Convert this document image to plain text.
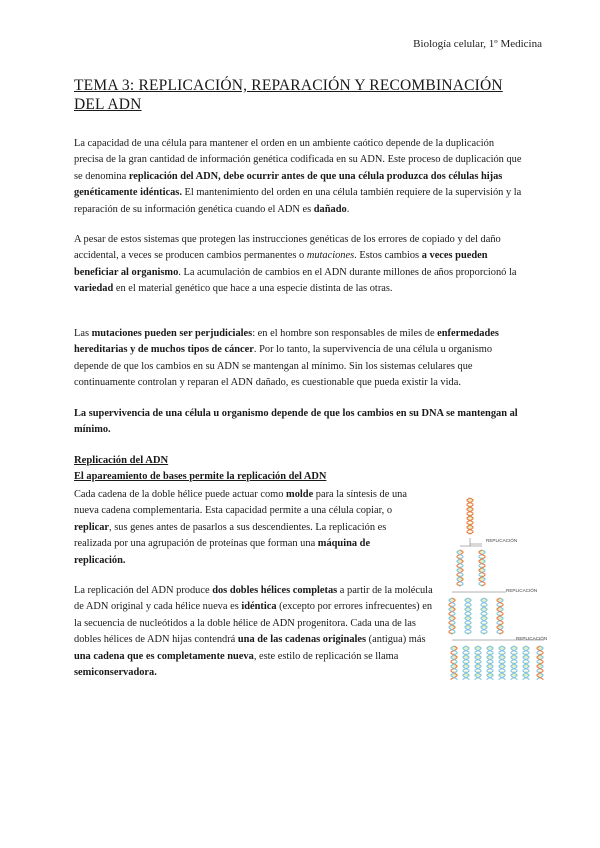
Biología celular, 1º Medicina
TEMA 3: REPLICACIÓN, REPARACIÓN Y RECOMBINACIÓN DEL ADN

La capacidad de una célula para mantener el orden en un ambiente caótico depende de la duplicación precisa de la gran cantidad de información genética codificada en su ADN. Este proceso de duplicación que se denomina replicación del ADN, debe ocurrir antes de que una célula produzca dos células hijas genéticamente idénticas. El mantenimiento del orden en una célula también requiere de la supervisión y la reparación de su información genética cuando el ADN es dañado.

A pesar de estos sistemas que protegen las instrucciones genéticas de los errores de copiado y del daño accidental, a veces se producen cambios permanentes o mutaciones. Estos cambios a veces pueden beneficiar al organismo. La acumulación de cambios en el ADN durante millones de años proporcionó la variedad en el material genético que hace a una especie distinta de las otras.

Las mutaciones pueden ser perjudiciales: en el hombre son responsables de miles de enfermedades hereditarias y de muchos tipos de cáncer. Por lo tanto, la supervivencia de una célula u organismo depende de que los cambios en su ADN se mantengan al mínimo. Sin los sistemas celulares que continuamente controlan y reparan el ADN dañado, es cuestionable que pueda existir la vida.

La supervivencia de una célula u organismo depende de que los cambios en su DNA se mantengan al mínimo.

Replicación del ADN
El apareamiento de bases permite la replicación del ADN

Cada cadena de la doble hélice puede actuar como molde para la síntesis de una nueva cadena complementaria. Esta capacidad permite a una célula copiar, o replicar, sus genes antes de pasarlos a sus descendientes. La replicación es realizada por una agrupación de proteínas que forman una máquina de replicación.

La replicación del ADN produce dos dobles hélices completas a partir de la molécula de ADN original y cada hélice nueva es idéntica (excepto por errores infrecuentes) en la secuencia de nucleótidos a la doble hélice de ADN progenitora. Cada una de las dobles hélices de ADN hijas contendrá una de las cadenas originales (antigua) más una cadena que es completamente nueva, este estilo de replicación se llama semiconservadora.

REPLICACIÓN
REPLICACIÓN
REPLICACIÓN
